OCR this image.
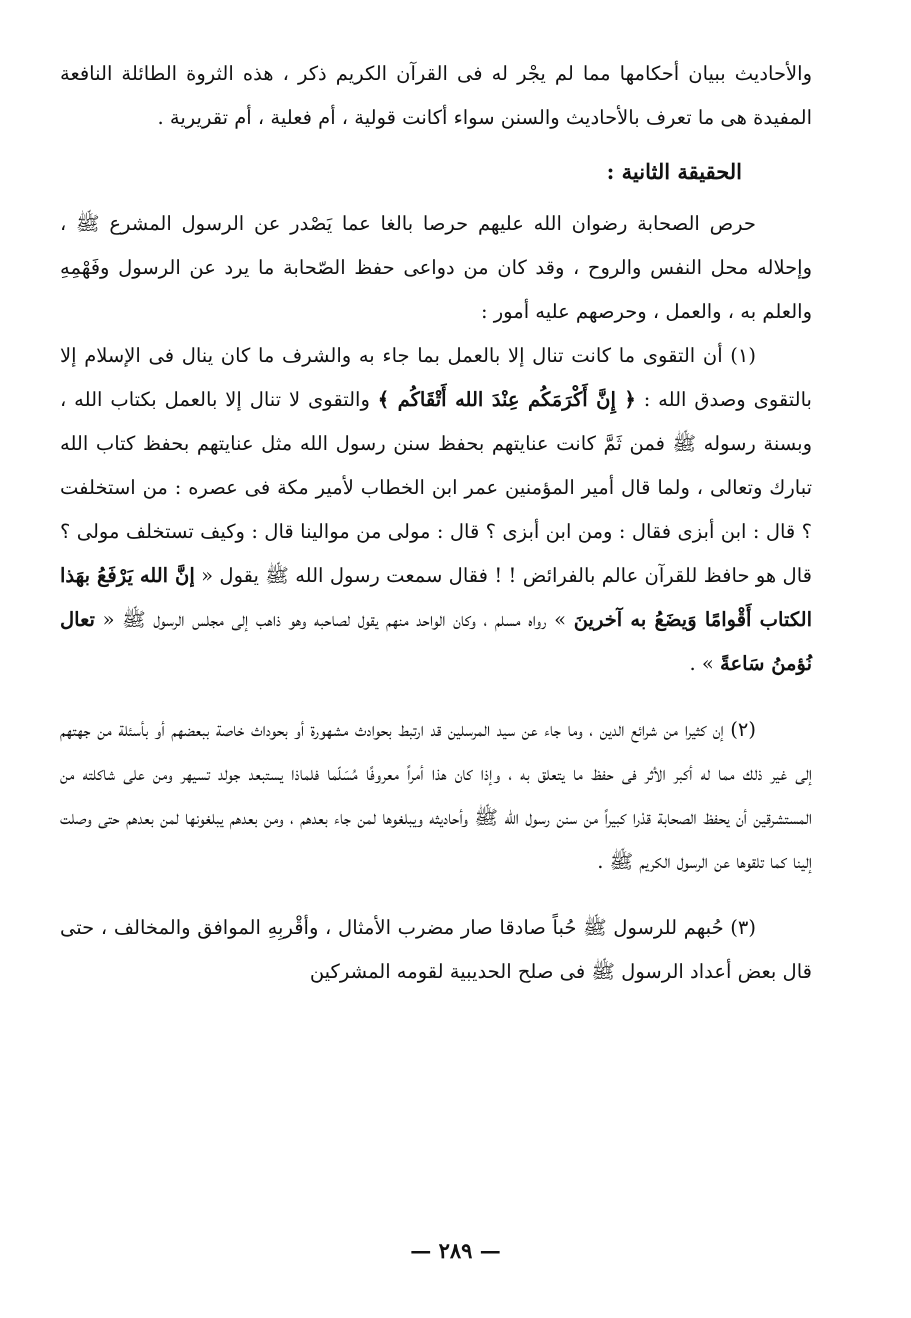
والأحاديث ببيان أحكامها مما لم يجْر له فى القرآن الكريم ذكر ، هذه الثروة الطائلة النافعة المفيدة هى ما تعرف بالأحاديث والسنن سواء أكانت قولية ، أم فعلية ، أم تقريرية .

الحقيقة الثانية :

حرص الصحابة رضوان الله عليهم حرصا بالغا عما يَصْدر عن الرسول المشرع ﷺ ، وإحلاله محل النفس والروح ، وقد كان من دواعى حفظ الصّحابة ما يرد عن الرسول وفَهْمِهِ والعلم به ، والعمل ، وحرصهم عليه أمور :

(١) أن التقوى ما كانت تنال إلا بالعمل بما جاء به والشرف ما كان ينال فى الإسلام إلا بالتقوى وصدق الله : ﴿ إِنَّ أَكْرَمَكُم عِنْدَ الله أَتْقَاكُم ﴾ والتقوى لا تنال إلا بالعمل بكتاب الله ، وبسنة رسوله ﷺ فمن ثَمَّ كانت عنايتهم بحفظ سنن رسول الله مثل عنايتهم بحفظ كتاب الله تبارك وتعالى ، ولما قال أمير المؤمنين عمر ابن الخطاب لأمير مكة فى عصره : من استخلفت ؟ قال : ابن أبزى فقال : ومن ابن أبزى ؟ قال : مولى من موالينا قال : وكيف تستخلف مولى ؟ قال هو حافظ للقرآن عالم بالفرائض ! ! فقال سمعت رسول الله ﷺ يقول « إنَّ الله يَرْفَعُ بهَذا الكتاب أَقْوامًا وَيضَعُ به آخرينَ » رواه مسلم ، وكان الواحد منهم يقول لصاحبه وهو ذاهب إلى مجلس الرسول ﷺ « تعال نُؤمنُ سَاعةً » .

(٢) إن كثيرا من شرائع الدين ، وما جاء عن سيد المرسلين قد ارتبط بحوادث مشهورة أو بحوداث خاصة ببعضهم أو بأسئلة من جهتهم إلى غير ذلك مما له أكبر الأثر فى حفظ ما يتعلق به ، وإذا كان هذا أمراً معروفًا مُسَلّما فلماذا يستبعد جولد تسيهر ومن على شاكلته من المستشرقين أن يحفظ الصحابة قدْرا كبيراً من سنن رسول الله ﷺ وأحاديثه ويبلغوها لمن جاء بعدهم ، ومن بعدهم يبلغونها لمن بعدهم حتى وصلت إلينا كما تلقوها عن الرسول الكريم ﷺ .

(٣) حُبهم للرسول ﷺ حُباً صادقا صار مضرب الأمثال ، وأقْربِهِ الموافق والمخالف ، حتى قال بعض أعداد الرسول ﷺ فى صلح الحديبية لقومه المشركين

— ٢٨٩ —
